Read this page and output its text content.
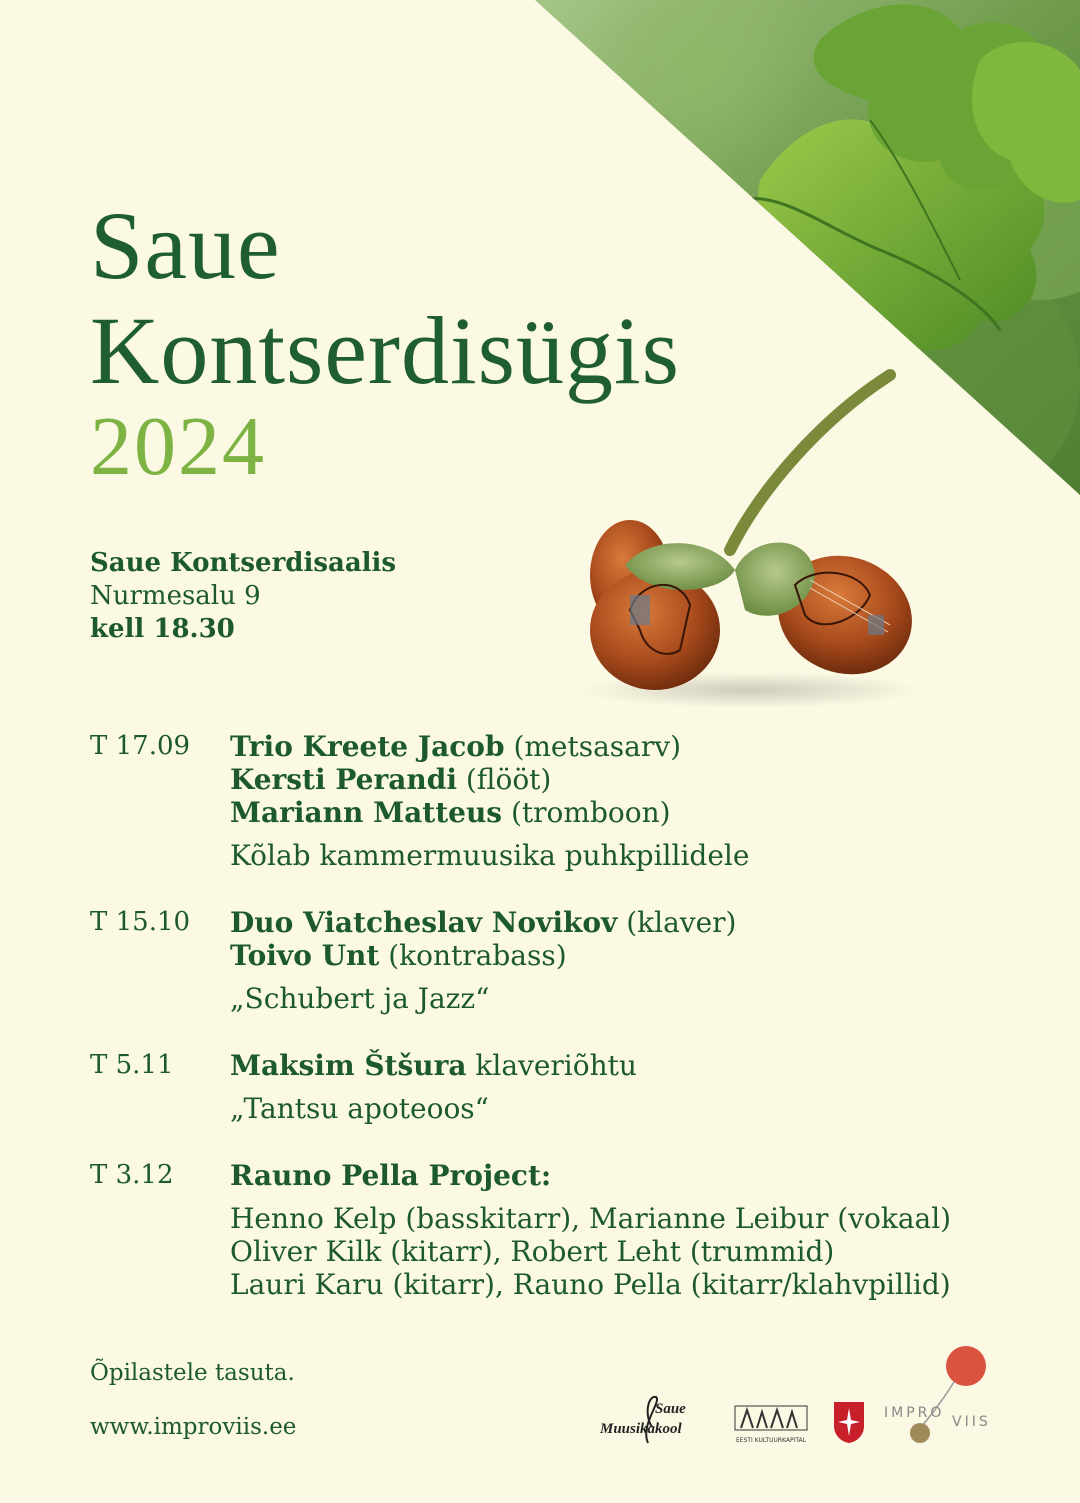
Saue
Kontserdisügis
2024
Saue Kontserdisaalis
Nurmesalu 9
kell 18.30
T 17.09	Trio Kreete Jacob (metsasarv)
Kersti Perandi (flööt)
Mariann Matteus (tromboon)
Kõlab kammermuusika puhkpillidele
T 15.10	Duo Viatcheslav Novikov (klaver)
Toivo Unt (kontrabass)
„Schubert ja Jazz“
T 5.11	Maksim Štšura klaveriõhtu
„Tantsu apoteoos“
T 3.12	Rauno Pella Project:
Henno Kelp (basskitarr), Marianne Leibur (vokaal)
Oliver Kilk (kitarr), Robert Leht (trummid)
Lauri Karu (kitarr), Rauno Pella (kitarr/klahvpillid)
Õpilastele tasuta.
www.improviis.ee
Saue
Muusikakool
EESTI KULTUURKAPITAL
IMPRO
VIIS
